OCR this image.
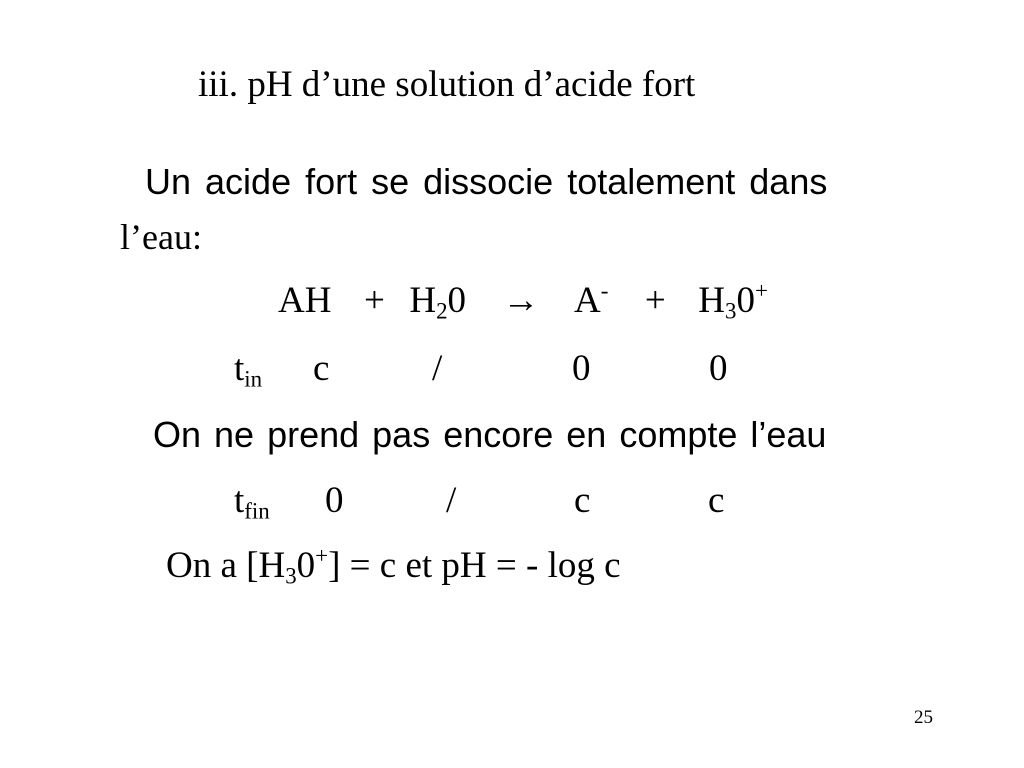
iii. pH d’une solution d’acide fort
Un acide fort se dissocie totalement dans
l’eau:
AH + $H_20 \to A^- + H_30^+$
$t_{in}$ c	/	0	0
On ne prend pas encore en compte l’eau
$t_{fin}$ 0	/	c	c
On a $[H_30^+] = c$ et pH = - log c
25
